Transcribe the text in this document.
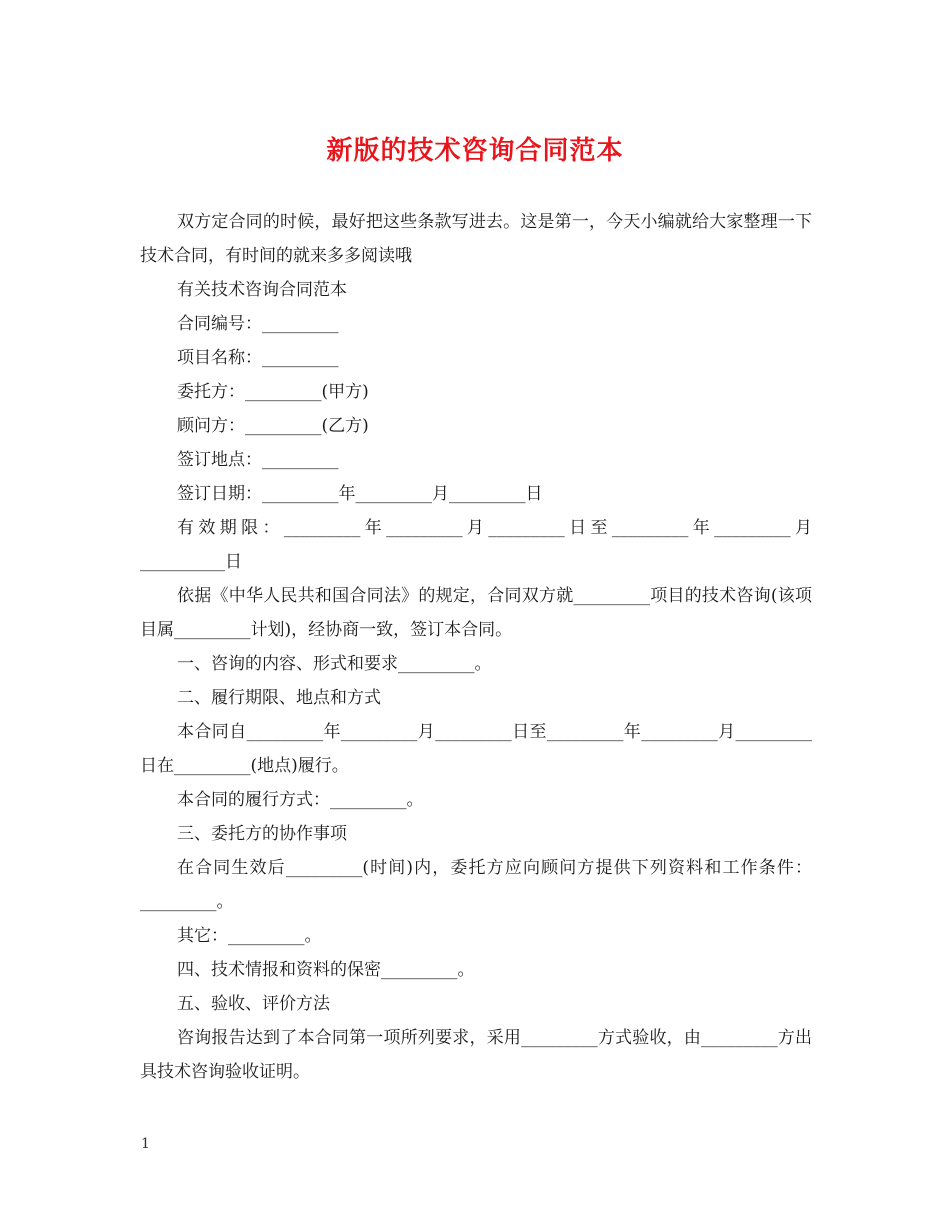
新版的技术咨询合同范本

双方定合同的时候，最好把这些条款写进去。这是第一，今天小编就给大家整理一下技术合同，有时间的就来多多阅读哦

有关技术咨询合同范本

合同编号：_________

项目名称：_________

委托方：_________(甲方)

顾问方：_________(乙方)

签订地点：_________

签订日期：_________年_________月_________日

有效期限：_________年_________月_________日至_________年_________月__________日

依据《中华人民共和国合同法》的规定，合同双方就_________项目的技术咨询(该项目属_________计划)，经协商一致，签订本合同。

一、咨询的内容、形式和要求_________。

二、履行期限、地点和方式

本合同自_________年_________月_________日至_________年_________月_________日在_________(地点)履行。

本合同的履行方式：_________。

三、委托方的协作事项

在合同生效后_________(时间)内，委托方应向顾问方提供下列资料和工作条件：_________。

其它：_________。

四、技术情报和资料的保密_________。

五、验收、评价方法

咨询报告达到了本合同第一项所列要求，采用_________方式验收，由_________方出具技术咨询验收证明。

1
